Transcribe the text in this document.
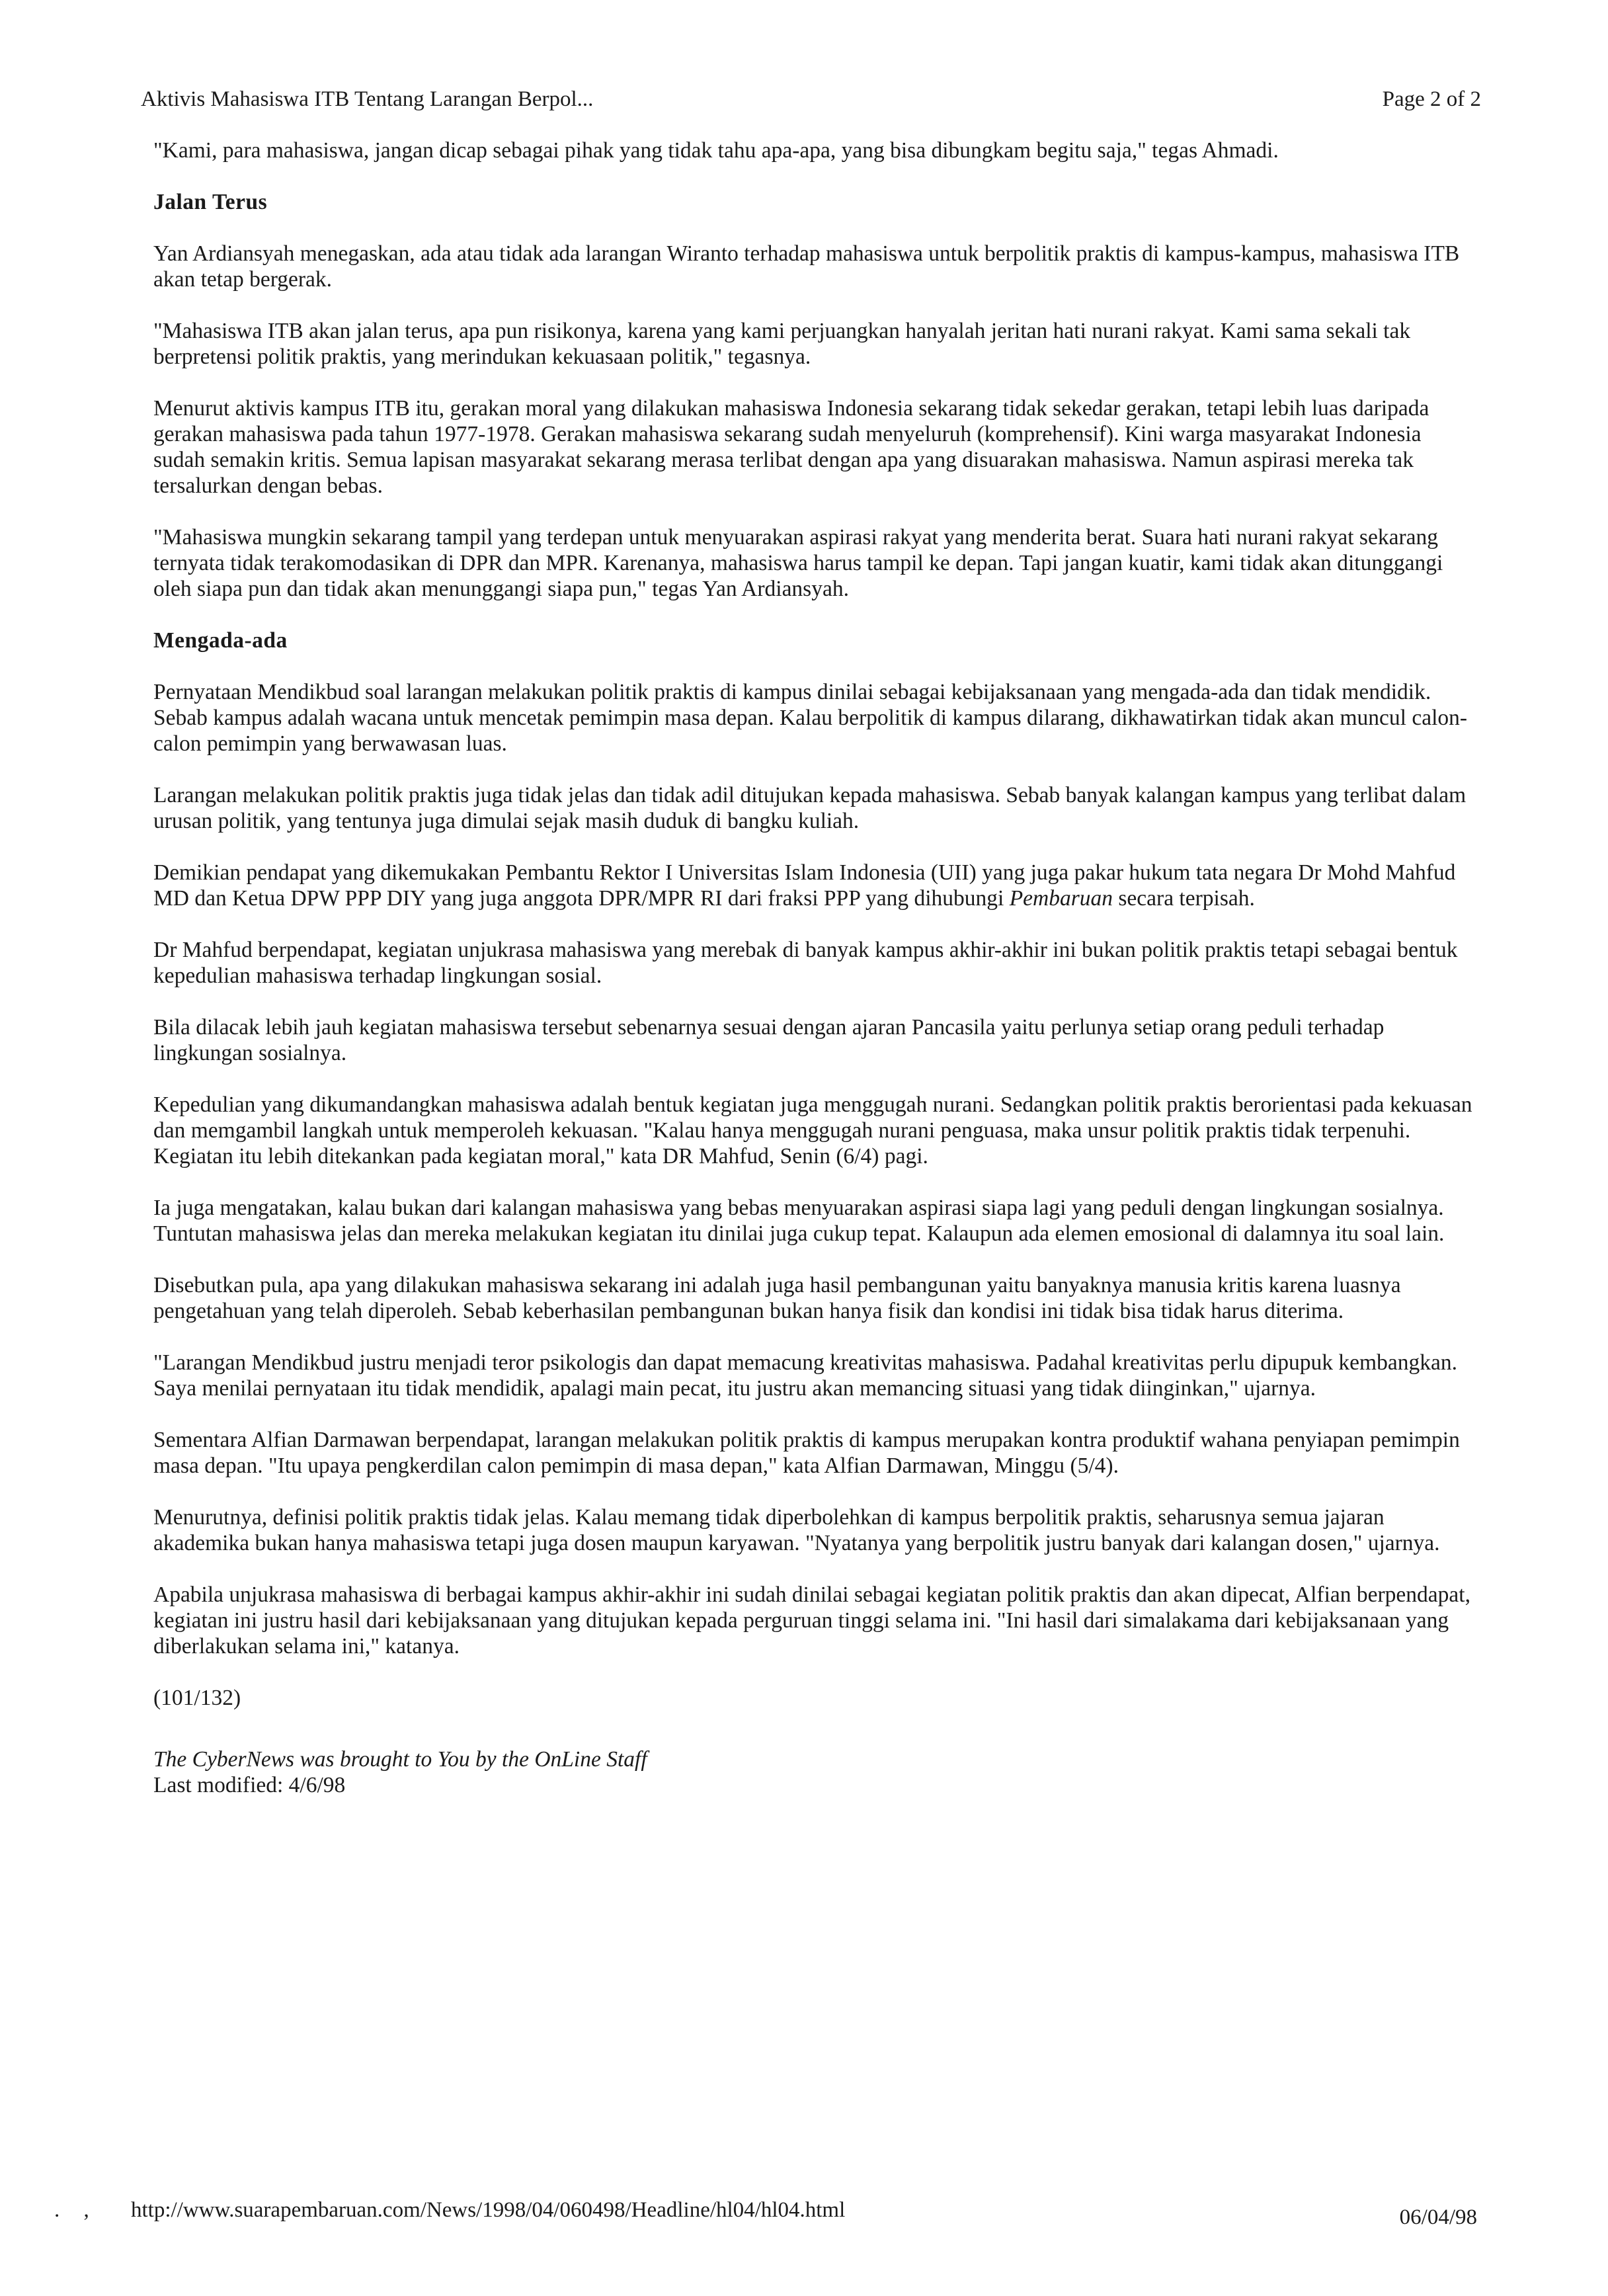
Aktivis Mahasiswa ITB Tentang Larangan Berpol...	Page 2 of 2

"Kami, para mahasiswa, jangan dicap sebagai pihak yang tidak tahu apa-apa, yang bisa dibungkam begitu saja," tegas Ahmadi.

Jalan Terus

Yan Ardiansyah menegaskan, ada atau tidak ada larangan Wiranto terhadap mahasiswa untuk berpolitik praktis di kampus-kampus, mahasiswa ITB akan tetap bergerak.

"Mahasiswa ITB akan jalan terus, apa pun risikonya, karena yang kami perjuangkan hanyalah jeritan hati nurani rakyat. Kami sama sekali tak berpretensi politik praktis, yang merindukan kekuasaan politik," tegasnya.

Menurut aktivis kampus ITB itu, gerakan moral yang dilakukan mahasiswa Indonesia sekarang tidak sekedar gerakan, tetapi lebih luas daripada gerakan mahasiswa pada tahun 1977-1978. Gerakan mahasiswa sekarang sudah menyeluruh (komprehensif). Kini warga masyarakat Indonesia sudah semakin kritis. Semua lapisan masyarakat sekarang merasa terlibat dengan apa yang disuarakan mahasiswa. Namun aspirasi mereka tak tersalurkan dengan bebas.

"Mahasiswa mungkin sekarang tampil yang terdepan untuk menyuarakan aspirasi rakyat yang menderita berat. Suara hati nurani rakyat sekarang ternyata tidak terakomodasikan di DPR dan MPR. Karenanya, mahasiswa harus tampil ke depan. Tapi jangan kuatir, kami tidak akan ditunggangi oleh siapa pun dan tidak akan menunggangi siapa pun," tegas Yan Ardiansyah.

Mengada-ada

Pernyataan Mendikbud soal larangan melakukan politik praktis di kampus dinilai sebagai kebijaksanaan yang mengada-ada dan tidak mendidik. Sebab kampus adalah wacana untuk mencetak pemimpin masa depan. Kalau berpolitik di kampus dilarang, dikhawatirkan tidak akan muncul calon-calon pemimpin yang berwawasan luas.

Larangan melakukan politik praktis juga tidak jelas dan tidak adil ditujukan kepada mahasiswa. Sebab banyak kalangan kampus yang terlibat dalam urusan politik, yang tentunya juga dimulai sejak masih duduk di bangku kuliah.

Demikian pendapat yang dikemukakan Pembantu Rektor I Universitas Islam Indonesia (UII) yang juga pakar hukum tata negara Dr Mohd Mahfud MD dan Ketua DPW PPP DIY yang juga anggota DPR/MPR RI dari fraksi PPP yang dihubungi Pembaruan secara terpisah.

Dr Mahfud berpendapat, kegiatan unjukrasa mahasiswa yang merebak di banyak kampus akhir-akhir ini bukan politik praktis tetapi sebagai bentuk kepedulian mahasiswa terhadap lingkungan sosial.

Bila dilacak lebih jauh kegiatan mahasiswa tersebut sebenarnya sesuai dengan ajaran Pancasila yaitu perlunya setiap orang peduli terhadap lingkungan sosialnya.

Kepedulian yang dikumandangkan mahasiswa adalah bentuk kegiatan juga menggugah nurani. Sedangkan politik praktis berorientasi pada kekuasan dan memgambil langkah untuk memperoleh kekuasan. "Kalau hanya menggugah nurani penguasa, maka unsur politik praktis tidak terpenuhi. Kegiatan itu lebih ditekankan pada kegiatan moral," kata DR Mahfud, Senin (6/4) pagi.

Ia juga mengatakan, kalau bukan dari kalangan mahasiswa yang bebas menyuarakan aspirasi siapa lagi yang peduli dengan lingkungan sosialnya. Tuntutan mahasiswa jelas dan mereka melakukan kegiatan itu dinilai juga cukup tepat. Kalaupun ada elemen emosional di dalamnya itu soal lain.

Disebutkan pula, apa yang dilakukan mahasiswa sekarang ini adalah juga hasil pembangunan yaitu banyaknya manusia kritis karena luasnya pengetahuan yang telah diperoleh. Sebab keberhasilan pembangunan bukan hanya fisik dan kondisi ini tidak bisa tidak harus diterima.

"Larangan Mendikbud justru menjadi teror psikologis dan dapat memacung kreativitas mahasiswa. Padahal kreativitas perlu dipupuk kembangkan. Saya menilai pernyataan itu tidak mendidik, apalagi main pecat, itu justru akan memancing situasi yang tidak diinginkan," ujarnya.

Sementara Alfian Darmawan berpendapat, larangan melakukan politik praktis di kampus merupakan kontra produktif wahana penyiapan pemimpin masa depan. "Itu upaya pengkerdilan calon pemimpin di masa depan," kata Alfian Darmawan, Minggu (5/4).

Menurutnya, definisi politik praktis tidak jelas. Kalau memang tidak diperbolehkan di kampus berpolitik praktis, seharusnya semua jajaran akademika bukan hanya mahasiswa tetapi juga dosen maupun karyawan. "Nyatanya yang berpolitik justru banyak dari kalangan dosen," ujarnya.

Apabila unjukrasa mahasiswa di berbagai kampus akhir-akhir ini sudah dinilai sebagai kegiatan politik praktis dan akan dipecat, Alfian berpendapat, kegiatan ini justru hasil dari kebijaksanaan yang ditujukan kepada perguruan tinggi selama ini. "Ini hasil dari simalakama dari kebijaksanaan yang diberlakukan selama ini," katanya.

(101/132)

The CyberNews was brought to You by the OnLine Staff

Last modified: 4/6/98

. , http://www.suarapembaruan.com/News/1998/04/060498/Headline/hl04/hl04.html	06/04/98
